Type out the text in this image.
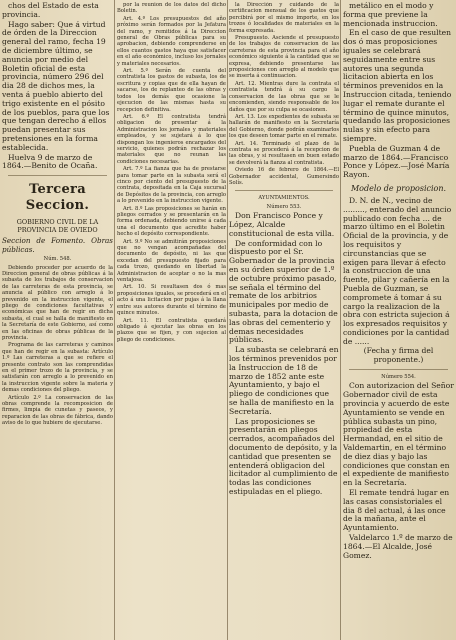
chos del Estado de esta provincia.

Hago saber: Que á virtud de órden de la Direccion general del ramo, fecha 19 de diciembre último, se anuncia por medio del Boletin oficial de esta provincia, número 296 del dia 28 de dichos mes, la venta á pueblo abierto del trigo existente en el pósito de los pueblos, para que los que tengan derecho á ellos puedan presentar sus pretensiones en la forma establecida.

Huelva 9 de marzo de 1864.—Benito de Ocaña.

Tercera Seccion.
GOBIERNO CIVIL DE LA PROVINCIA DE OVIEDO

Seccion de Fomento. Obras públicas.

Núm. 548.

Debiendo proceder por acuerdo de la Direccion general de obras públicas á la subasta de los trabajos de conservacion de las carreteras de esta provincia, se anuncia al público con arreglo á lo prevenido en la instruccion vigente, el pliego de condiciones facultativas y económicas que han de regir en dicha subasta, el cual se halla de manifiesto en la Secretaría de este Gobierno, así como en las oficinas de obras públicas de la provincia.

Programa de las carreteras y caminos que han de regir en la subasta: Artículo 1.º Las carreteras a que se refiere el presente contrato son las comprendidas en el primer trozo de la provincia, y se satisfarán con arreglo a lo prevenido en la instruccion vigente sobre la materia y demas condiciones del pliego.

Artículo 2.º La conservacion de las obras comprende la recomposicion de firmes, limpia de cunetas y paseos, y reparacion de las obras de fábrica, dando aviso de lo que hubiere de ejecutarse.

por la reunion de los datos del dicho Boletin.

Art. 4.º Los presupuestos del año próximo serán formados por la Jefatura del ramo, y remitidos á la Direccion general de Obras públicas para su aprobacion, debiendo comprenderse en ellos cuantos gastos haya que satisfacer en el año económico, incluso los jornales y materiales necesarios.

Art. 5.º Serán de cuenta del contratista los gastos de subasta, los de escritura y copias que de ella hayan de sacarse, los de replanteo de las obras y todos los demás que ocasione la ejecucion de las mismas hasta su recepcion definitiva.

Art. 6.º El contratista tendrá obligacion de presentar á la Administracion los jornales y materiales empleados, y se sujetará á lo que dispongan los ingenieros encargados del servicio, quienes podrán rechazar los materiales que no reunan las condiciones necesarias.

Art. 7.º La fianza que ha de prestarse para tomar parte en la subasta será el cinco por ciento del presupuesto de la contrata, depositada en la Caja sucursal de Depósitos de la provincia, con arreglo a lo prevenido en la instruccion vigente.

Art. 8.º Las proposiciones se harán en pliegos cerrados y se presentarán en la forma ordenada, debiendo unirse á cada una el documento que acredite haber hecho el depósito correspondiente.

Art. 9.º No se admitirán proposiciones que no vengan acompañadas del documento de depósito, ni las que excedan del presupuesto fijado para cada trozo, quedando en libertad la Administracion de aceptar o no la mas ventajosa.

Art. 10. Si resultasen dos ó mas proposiciones iguales, se procederá en el acto á una licitacion por pujas á la llana entre sus autores durante el término de quince minutos.

Art. 11. El contratista quedará obligado á ejecutar las obras en los plazos que se fijen, y con sujecion al pliego de condiciones.

la Dirección y cuidando de la certificacion mensual de los gastos que percibirá por el mismo importe, en los trozos ó localidades de materiales en la forma expresada.

Presupuesto. Asciende el presupuesto de los trabajos de conservacion de las carreteras de esta provincia para el año económico siguiente á la cantidad que se expresa, debiendo presentarse las proposiciones con arreglo al modelo que se inserta á continuacion.

Art. 12. Mientras dure la contrata el contratista tendrá á su cargo la conservacion de las obras que se le encomienden, siendo responsable de los daños que por su culpa se ocasionen.

Art. 13. Los expedientes de subasta se hallarán de manifiesto en la Secretaría del Gobierno, donde podrán examinarlos los que deseen tomar parte en el remate.

Art. 14. Terminado el plazo de la contrata se procederá á la recepcion de las obras, y si resultasen en buen estado se devolverá la fianza al contratista.

Oviedo 16 de febrero de 1864.—El Gobernador accidental, Gumersindo Solís.

AYUNTAMIENTOS.

Número 553.

Don Francisco Ponce y López, Alcalde constitucional de esta villa.

De conformidad con lo dispuesto por el Sr. Gobernador de la provincia en su órden superior de 1.º de octubre próximo pasado, se señala el término del remate de los arbitrios municipales por medio de subasta, para la dotacion de las obras del cementerio y demas necesidades públicas.

La subasta se celebrará en los términos prevenidos por la Instruccion de 18 de marzo de 1852 ante este Ayuntamiento, y bajo el pliego de condiciones que se halla de manifiesto en la Secretaría.

Las proposiciones se presentarán en pliegos cerrados, acompañados del documento de depósito, y la cantidad que presenten se entenderá obligacion del licitador al cumplimiento de todas las condiciones estipuladas en el pliego.

metálico en el modo y forma que previene la mencionada instruccion.

En el caso de que resulten dos ó mas proposiciones iguales se celebrará seguidamente entre sus autores una segunda licitacion abierta en los términos prevenidos en la Instruccion citada, teniendo lugar el remate durante el término de quince minutos, quedando las proposiciones nulas y sin efecto para siempre.

Puebla de Guzman 4 de marzo de 1864.—Francisco Ponce y López.—José María Rayon.

Modelo de proposicion.

D. N. de N., vecino de ........., enterado del anuncio publicado con fecha ... de marzo último en el Boletin Oficial de la provincia, y de los requisitos y circunstancias que se exigen para llevar á efecto la construccion de una fuente, pilar y cañería en la Puebla de Guzman, se compromete á tomar á su cargo la realizacion de la obra con estricta sujecion á los expresados requisitos y condiciones por la cantidad de ......

(Fecha y firma del proponente.)

Número 554.

Con autorizacion del Señor Gobernador civil de esta provincia y acuerdo de este Ayuntamiento se vende en pública subasta un pino, propiedad de esta Hermandad, en el sitio de Valdemartin, en el término de diez dias y bajo las condiciones que constan en el expediente de manifiesto en la Secretaría.

El remate tendrá lugar en las casas consistoriales el dia 8 del actual, á las once de la mañana, ante el Ayuntamiento.

Valdelarco 1.º de marzo de 1864.—El Alcalde, José Gomez.
